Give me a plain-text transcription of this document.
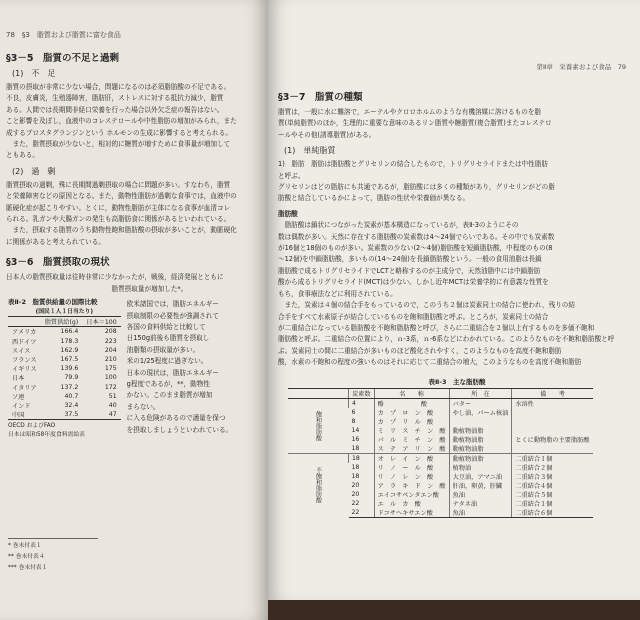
78　§3　脂質および脂質に富む食品
§3－5　脂質の不足と過剰
(1)　不　足

脂質の摂取が非常に少ない場合，問題になるのは必須脂肪酸の不足である。

不良，皮膚炎，生殖器障害，脂肪肝，ストレスに対する抵抗力減少，脂質

ある。人間では長期間非経口栄養を行った場合以外欠乏症の報告はない。

こと影響を及ぼし，血液中のコレステロールや中性脂肪の増加がみられ，また

成するプロスタグランジンという ホルモンの生成に影響すると考えられる。

　また，脂質摂取が少ないと，相対的に糖質が増すために食事量が増加して

ともある。

(2)　過　剰

脂質摂取の過剰，殊に長期間過剰摂取の場合に問題が多い。すなわち，脂質

と栄養障害などの原因となる。また，動物性脂肪が過剰な食事では，血液中の

脈硬化症が起こりやすい。とくに，動物性脂肪が主体になる食事が血清コレ

られる。乳ガンや大腸ガンの発生も高脂肪食に関係があるといわれている。

　また，摂取する脂質のうち動物性飽和脂肪酸の摂取が多いことが，動脈硬化

に関係があると考えられている。

§3－6　脂質摂取の現状

日本人の脂質摂取量は往時非常に少なかったが，戦後，経済発展とともに

　　　　　　　　　　　　　　　　脂質摂取量が増加した*。

表Ⅱ-2　脂質供給量の国際比較
(国民１人１日当たり)
	脂質供給(g)	日本＝100
アメリカ	166.4	208
西ドイツ	178.3	223
スイス	162.9	204
フランス	167.5	210
イギリス	139.6	175
日本	79.9	100
イタリア	137.2	172
ソ連	40.7	51
インド	32.4	40
中国	37.5	47
OECD およびFAO
日本は昭和58年度食料需給表

欧米諸国では，脂肪エネルギー

摂取制限の必要性が強調されて

各国の食料供給と比較して

日150g前後も脂質を摂取し

油脂類の摂取量が多い。

米の1/25程度に過ぎない。

日本の現状は，脂肪エネルギー

g程度であるが，**，動物性

かない。このまま脂質が増加

まらない。

に入る危険があるので適量を保つ

を摂取しましょうといわれている。

* 巻末付表１
** 巻末付表４
*** 巻末付表１
第Ⅱ章　栄養素および食品　79
§3－7　脂質の種類

脂質は，一般に水に難溶で，エーテルやクロロホルムのような有機溶媒に溶けるものを脂

質(単純脂質)のほか，生理的に重要な意味のあるリン脂質や糖脂質(複合脂質)またコレステロ

ールやその他(誘導脂質)がある。

(1)　単純脂質

1)　脂肪　脂肪は脂肪酸とグリセリンの結合したもので，トリグリセライドまたは中性脂肪

と呼ぶ。

グリセリンはどの脂肪にも共通であるが，脂肪酸には多くの種類があり，グリセリンがどの脂

肪酸と結合しているかによって，脂肪の性状や栄養価が異なる。

脂肪酸

　脂肪酸は鎖状につながった炭素が基本構造になっているが，表Ⅱ-3のようにその

数は偶数が多い。天然に存在する脂肪酸の炭素数は4～24個でらいである。その中でも炭素数

が16個と18個のものが多い。炭素数の少ない(2～4個)脂肪酸を短鎖脂肪酸，中程度のもの(8

～12個)を中鎖脂肪酸，多いもの(14～24個)を長鎖脂肪酸という。一般の食用油脂は長鎖

脂肪酸で成るトリグリセライドでLCTと略称するのが主成分で，天然油脂中には中鎖脂肪

酸から成るトリグリセライド(MCT)は少ない。しかし近年MCTは栄養学的に有意義な性質を

もち，食事療法などに利用されている。

　また，炭素は４個の結合手をもっているので，このうち２個は炭素同士の結合に使われ，残りの結

合手をすべて水素原子が結合しているものを飽和脂肪酸と呼ぶ。ところが，炭素同士の結合

が二重結合になっている脂肪酸を不飽和脂肪酸と呼び，さらに二重結合を２個以上有するものを多価不飽和

脂肪酸と呼ぶ。二重結合の位置により，ｎ-3系，ｎ-6系などにわかれている。このようなものを不飽和脂肪酸と呼

ぶ。炭素同士の間に二重結合が多いものほど酸化されやすく，このようなものを高度不飽和脂肪

酸，水素の不飽和の程度の強いものはそれに応じて二重結合の増大，このようなものを高度不飽和脂肪

表Ⅱ-3　主な脂肪酸
	炭素数	名　　称	所　在	備　　考
飽和脂肪酸	4	酪　　　　　　酸	バター	水溶性
	6	カ　プ　ロ　ン　酸	やし油，パーム核油	
	8	カ　プ　リ　ル　酸		
	14	ミ　リ　ス　チ　ン　酸	動植物油脂	
	16	パ　ル　ミ　チ　ン　酸	動植物油脂	とくに動物脂の主要脂肪酸
	18	ス　テ　ア　リ　ン　酸	動植物油脂	
不飽和脂肪酸	18	オ　レ　イ　ン　酸	動植物油脂	二重結合１個
	18	リ　ノ　ー　ル　酸	植物油	二重結合２個
	18	リ　ノ　レ　ン　酸	大豆油，アマニ油	二重結合３個
	20	ア　ラ　キ　ド　ン　酸	肝油，卵黄，肝臓	二重結合４個
	20	エイコサペンタエン酸	魚油	二重結合５個
	22	エ　ル　カ　酸	ナタネ油	二重結合１個
	22	ドコサヘキサエン酸	魚油	二重結合６個
